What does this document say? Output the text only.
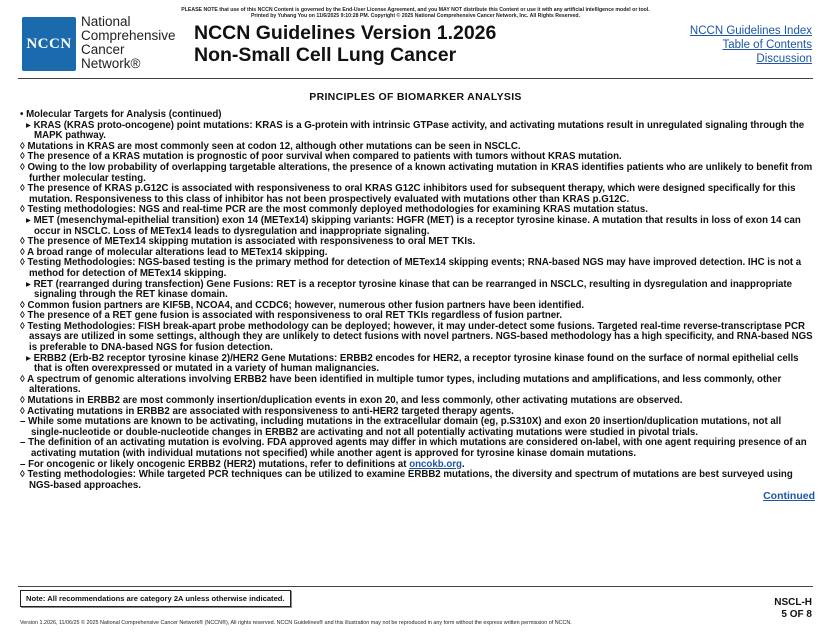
PLEASE NOTE that use of this NCCN Content is governed by the End-User License Agreement, and you MAY NOT distribute this Content or use it with any artificial intelligence model or tool.
Printed by Yuhang You on 11/6/2025 9:10:28 PM. Copyright © 2025 National Comprehensive Cancer Network, Inc. All Rights Reserved.
NCCN
National
Comprehensive
Cancer
Network®
NCCN Guidelines Version 1.2026
Non-Small Cell Lung Cancer
NCCN Guidelines Index
Table of Contents
Discussion
PRINCIPLES OF BIOMARKER ANALYSIS

• Molecular Targets for Analysis (continued)

▸ KRAS (KRAS proto-oncogene) point mutations: KRAS is a G-protein with intrinsic GTPase activity, and activating mutations result in unregulated signaling through the MAPK pathway.

◊ Mutations in KRAS are most commonly seen at codon 12, although other mutations can be seen in NSCLC.

◊ The presence of a KRAS mutation is prognostic of poor survival when compared to patients with tumors without KRAS mutation.

◊ Owing to the low probability of overlapping targetable alterations, the presence of a known activating mutation in KRAS identifies patients who are unlikely to benefit from further molecular testing.

◊ The presence of KRAS p.G12C is associated with responsiveness to oral KRAS G12C inhibitors used for subsequent therapy, which were designed specifically for this mutation. Responsiveness to this class of inhibitor has not been prospectively evaluated with mutations other than KRAS p.G12C.

◊ Testing methodologies: NGS and real-time PCR are the most commonly deployed methodologies for examining KRAS mutation status.

▸ MET (mesenchymal-epithelial transition) exon 14 (METex14) skipping variants: HGFR (MET) is a receptor tyrosine kinase. A mutation that results in loss of exon 14 can occur in NSCLC. Loss of METex14 leads to dysregulation and inappropriate signaling.

◊ The presence of METex14 skipping mutation is associated with responsiveness to oral MET TKIs.

◊ A broad range of molecular alterations lead to METex14 skipping.

◊ Testing Methodologies: NGS-based testing is the primary method for detection of METex14 skipping events; RNA-based NGS may have improved detection. IHC is not a method for detection of METex14 skipping.

▸ RET (rearranged during transfection) Gene Fusions: RET is a receptor tyrosine kinase that can be rearranged in NSCLC, resulting in dysregulation and inappropriate signaling through the RET kinase domain.

◊ Common fusion partners are KIF5B, NCOA4, and CCDC6; however, numerous other fusion partners have been identified.

◊ The presence of a RET gene fusion is associated with responsiveness to oral RET TKIs regardless of fusion partner.

◊ Testing Methodologies: FISH break-apart probe methodology can be deployed; however, it may under-detect some fusions. Targeted real-time reverse-transcriptase PCR assays are utilized in some settings, although they are unlikely to detect fusions with novel partners. NGS-based methodology has a high specificity, and RNA-based NGS is preferable to DNA-based NGS for fusion detection.

▸ ERBB2 (Erb-B2 receptor tyrosine kinase 2)/HER2 Gene Mutations: ERBB2 encodes for HER2, a receptor tyrosine kinase found on the surface of normal epithelial cells that is often overexpressed or mutated in a variety of human malignancies.

◊ A spectrum of genomic alterations involving ERBB2 have been identified in multiple tumor types, including mutations and amplifications, and less commonly, other alterations.

◊ Mutations in ERBB2 are most commonly insertion/duplication events in exon 20, and less commonly, other activating mutations are observed.

◊ Activating mutations in ERBB2 are associated with responsiveness to anti-HER2 targeted therapy agents.

– While some mutations are known to be activating, including mutations in the extracellular domain (eg, p.S310X) and exon 20 insertion/duplication mutations, not all single-nucleotide or double-nucleotide changes in ERBB2 are activating and not all potentially activating mutations were studied in pivotal trials.

– The definition of an activating mutation is evolving. FDA approved agents may differ in which mutations are considered on-label, with one agent requiring presence of an activating mutation (with individual mutations not specified) while another agent is approved for tyrosine kinase domain mutations.

– For oncogenic or likely oncogenic ERBB2 (HER2) mutations, refer to definitions at oncokb.org.

◊ Testing methodologies: While targeted PCR techniques can be utilized to examine ERBB2 mutations, the diversity and spectrum of mutations are best surveyed using NGS-based approaches.

Continued
Note: All recommendations are category 2A unless otherwise indicated.	NSCL-H
5 OF 8
Version 1.2026, 11/06/25 © 2025 National Comprehensive Cancer Network® (NCCN®), All rights reserved. NCCN Guidelines® and this illustration may not be reproduced in any form without the express written permission of NCCN.
